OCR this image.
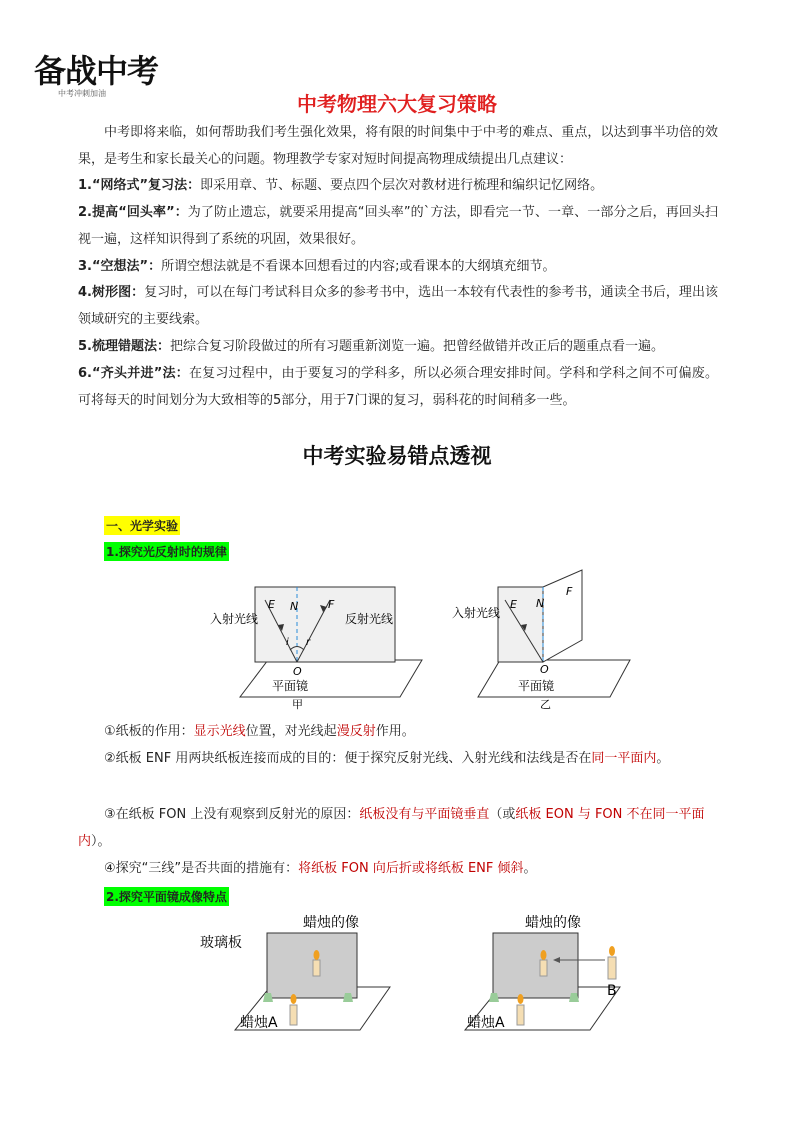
备战中考
中考冲刺加油	中考物理六大复习策略
中考即将来临，如何帮助我们考生强化效果，将有限的时间集中于中考的难点、重点，以达到事半功倍的效果，是考生和家长最关心的问题。物理教学专家对短时间提高物理成绩提出几点建议：
1.“网络式”复习法：即采用章、节、标题、要点四个层次对教材进行梳理和编织记忆网络。
2.提高“回头率”：为了防止遗忘，就要采用提高“回头率”的`方法，即看完一节、一章、一部分之后，再回头扫视一遍，这样知识得到了系统的巩固，效果很好。
3.“空想法”：所谓空想法就是不看课本回想看过的内容;或看课本的大纲填充细节。
4.树形图：复习时，可以在每门考试科目众多的参考书中，选出一本较有代表性的参考书，通读全书后，理出该领域研究的主要线索。
5.梳理错题法：把综合复习阶段做过的所有习题重新浏览一遍。把曾经做错并改正后的题重点看一遍。
6.“齐头并进”法：在复习过程中，由于要复习的学科多，所以必须合理安排时间。学科和学科之间不可偏废。可将每天的时间划分为大致相等的5部分，用于7门课的复习，弱科花的时间稍多一些。
中考实验易错点透视
一、光学实验
1.探究光反射时的规律
E N	F
i r
O
入射光线	反射光线
平面镜
甲
E N
F
O
入射光线
平面镜
乙
①纸板的作用：显示光线位置，对光线起漫反射作用。
②纸板 ENF 用两块纸板连接而成的目的：便于探究反射光线、入射光线和法线是否在同一平面内。
③在纸板 FON 上没有观察到反射光的原因：纸板没有与平面镜垂直（或纸板 EON 与 FON 不在同一平面内）。
④探究“三线”是否共面的措施有：将纸板 FON 向后折或将纸板 ENF 倾斜。
2.探究平面镜成像特点
蜡烛的像
玻璃板
蜡烛A
蜡烛的像
B
蜡烛A
